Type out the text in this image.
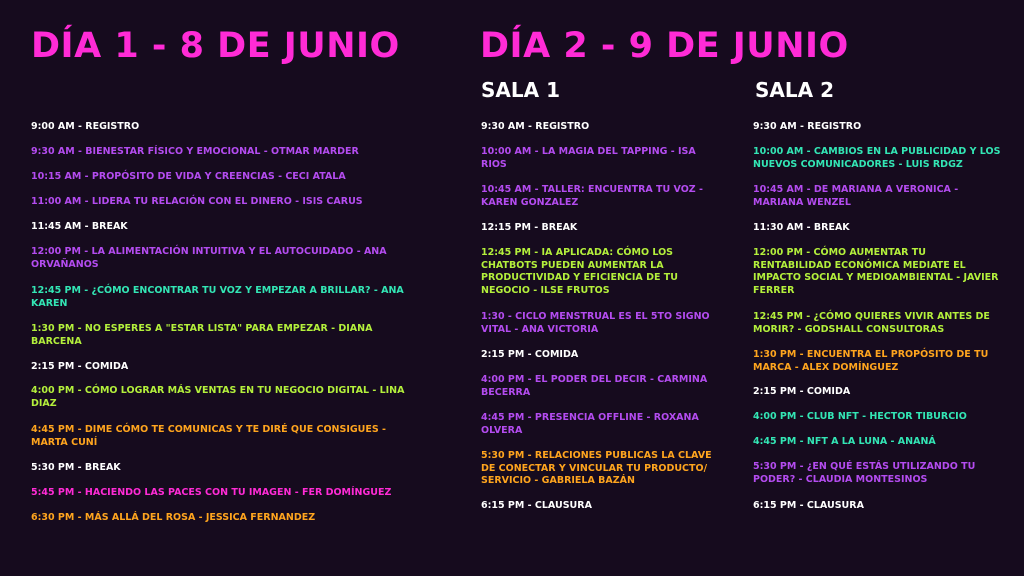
DÍA 1 - 8 DE JUNIO DÍA 2 - 9 DE JUNIO
SALA 1	SALA 2
9:00 AM - REGISTRO
9:30 AM - BIENESTAR FÍSICO Y EMOCIONAL - OTMAR MARDER
10:15 AM - PROPÓSITO DE VIDA Y CREENCIAS - CECI ATALA
11:00 AM - LIDERA TU RELACIÓN CON EL DINERO - ISIS CARUS
11:45 AM - BREAK
12:00 PM - LA ALIMENTACIÓN INTUITIVA Y EL AUTOCUIDADO - ANA ORVAÑANOS
12:45 PM - ¿CÓMO ENCONTRAR TU VOZ Y EMPEZAR A BRILLAR? - ANA KAREN
1:30 PM - NO ESPERES A "ESTAR LISTA" PARA EMPEZAR - DIANA BARCENA
2:15 PM - COMIDA
4:00 PM - CÓMO LOGRAR MÁS VENTAS EN TU NEGOCIO DIGITAL - LINA DIAZ
4:45 PM - DIME CÓMO TE COMUNICAS Y TE DIRÉ QUE CONSIGUES - MARTA CUNÍ
5:30 PM - BREAK
5:45 PM - HACIENDO LAS PACES CON TU IMAGEN - FER DOMÍNGUEZ
6:30 PM - MÁS ALLÁ DEL ROSA - JESSICA FERNANDEZ
9:30 AM - REGISTRO
10:00 AM - LA MAGIA DEL TAPPING - ISA RIOS
10:45 AM - TALLER: ENCUENTRA TU VOZ - KAREN GONZALEZ
12:15 PM - BREAK
12:45 PM - IA APLICADA: CÓMO LOS CHATBOTS PUEDEN AUMENTAR LA PRODUCTIVIDAD Y EFICIENCIA DE TU NEGOCIO - ILSE FRUTOS
1:30 - CICLO MENSTRUAL ES EL 5TO SIGNO VITAL - ANA VICTORIA
2:15 PM - COMIDA
4:00 PM - EL PODER DEL DECIR - CARMINA BECERRA
4:45 PM - PRESENCIA OFFLINE - ROXANA OLVERA
5:30 PM - RELACIONES PUBLICAS LA CLAVE DE CONECTAR Y VINCULAR TU PRODUCTO/ SERVICIO - GABRIELA BAZÁN
6:15 PM - CLAUSURA
9:30 AM - REGISTRO
10:00 AM - CAMBIOS EN LA PUBLICIDAD Y LOS NUEVOS COMUNICADORES - LUIS RDGZ
10:45 AM - DE MARIANA A VERONICA - MARIANA WENZEL
11:30 AM - BREAK
12:00 PM - CÓMO AUMENTAR TU RENTABILIDAD ECONÓMICA MEDIATE EL IMPACTO SOCIAL Y MEDIOAMBIENTAL - JAVIER FERRER
12:45 PM - ¿CÓMO QUIERES VIVIR ANTES DE MORIR? - GODSHALL CONSULTORAS
1:30 PM - ENCUENTRA EL PROPÓSITO DE TU MARCA - ALEX DOMÍNGUEZ
2:15 PM - COMIDA
4:00 PM - CLUB NFT - HECTOR TIBURCIO
4:45 PM - NFT A LA LUNA - ANANÁ
5:30 PM - ¿EN QUÉ ESTÁS UTILIZANDO TU PODER? - CLAUDIA MONTESINOS
6:15 PM - CLAUSURA
